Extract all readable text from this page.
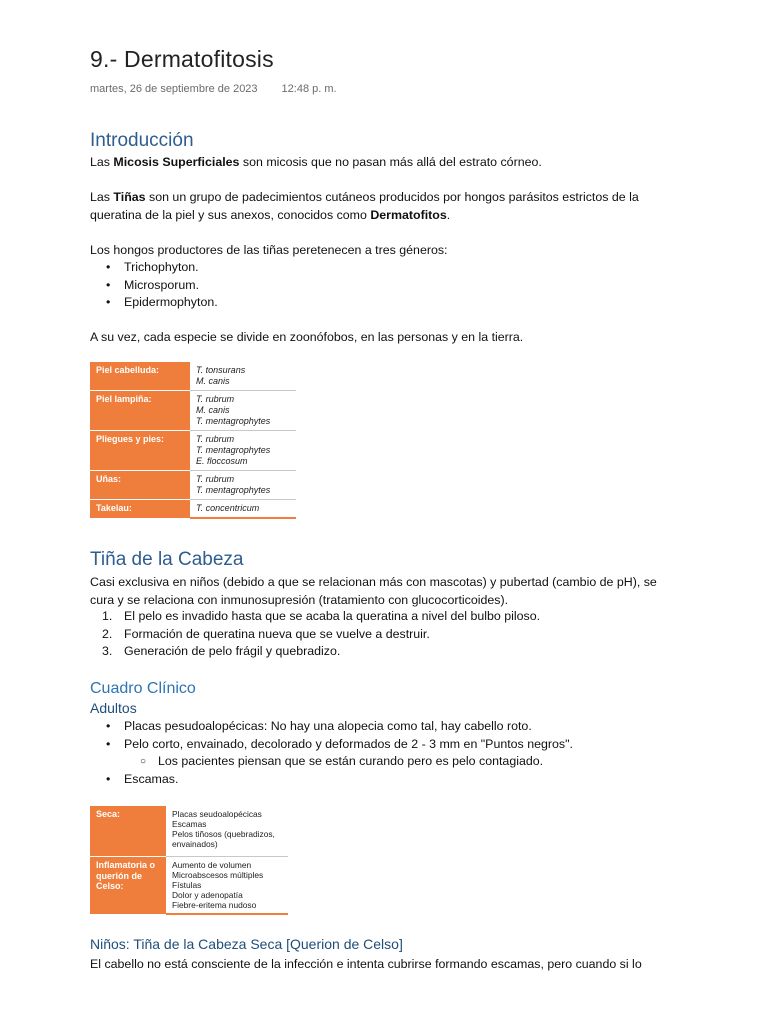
9.- Dermatofitosis
martes, 26 de septiembre de 2023 12:48 p. m.
Introducción
Las Micosis Superficiales son micosis que no pasan más allá del estrato córneo.
Las Tiñas son un grupo de padecimientos cutáneos producidos por hongos parásitos estrictos de la queratina de la piel y sus anexos, conocidos como Dermatofitos.
Los hongos productores de las tiñas peretenecen a tres géneros:
• Trichophyton.
• Microsporum.
• Epidermophyton.
A su vez, cada especie se divide en zoonófobos, en las personas y en la tierra.
Piel cabelluda:	T. tonsurans
M. canis
Piel lampiña:	T. rubrum
M. canis
T. mentagrophytes
Pliegues y pies:	T. rubrum
T. mentagrophytes
E. floccosum
Uñas:	T. rubrum
T. mentagrophytes
Takelau:	T. concentricum
Tiña de la Cabeza
Casi exclusiva en niños (debido a que se relacionan más con mascotas) y pubertad (cambio de pH), se cura y se relaciona con inmunosupresión (tratamiento con glucocorticoides).
1. El pelo es invadido hasta que se acaba la queratina a nivel del bulbo piloso.
2. Formación de queratina nueva que se vuelve a destruir.
3. Generación de pelo frágil y quebradizo.
Cuadro Clínico
Adultos
• Placas pesudoalopécicas: No hay una alopecia como tal, hay cabello roto.
• Pelo corto, envainado, decolorado y deformados de 2 - 3 mm en "Puntos negros".
○ Los pacientes piensan que se están curando pero es pelo contagiado.
• Escamas.
Seca:	Placas seudoalopécicas
Escamas
Pelos tiñosos (quebradizos,
envainados)
Inflamatoria o querión de Celso:	Aumento de volumen
Microabscesos múltiples
Fístulas
Dolor y adenopatía
Fiebre-eritema nudoso
Niños: Tiña de la Cabeza Seca [Querion de Celso]
El cabello no está consciente de la infección e intenta cubrirse formando escamas, pero cuando si lo
